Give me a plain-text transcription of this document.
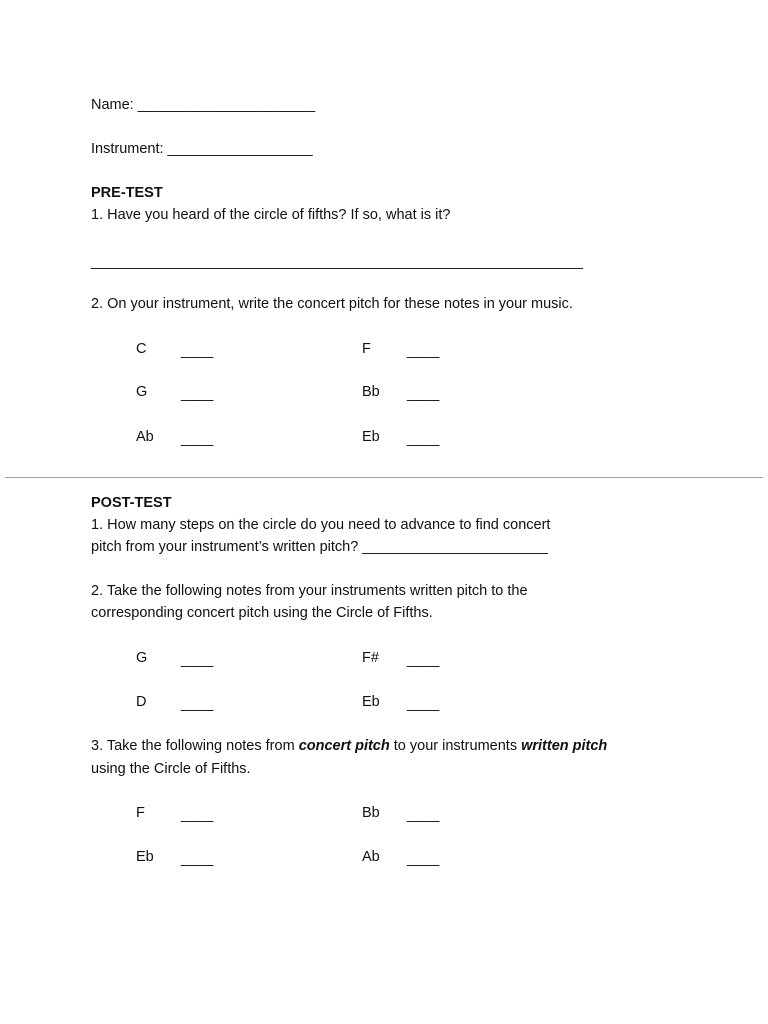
Name: ______________________
Instrument: __________________
PRE-TEST
1. Have you heard of the circle of fifths? If so, what is it?
_____________________________________________________________
2. On your instrument, write the concert pitch for these notes in your music.
C ____	F ____
G ____	Bb ____
Ab ____	Eb ____
POST-TEST
1. How many steps on the circle do you need to advance to find concert
pitch from your instrument’s written pitch? _______________________
2. Take the following notes from your instruments written pitch to the
corresponding concert pitch using the Circle of Fifths.
G ____	F# ____
D ____	Eb ____
3. Take the following notes from concert pitch to your instruments written pitch
using the Circle of Fifths.
F ____	Bb ____
Eb ____	Ab ____
